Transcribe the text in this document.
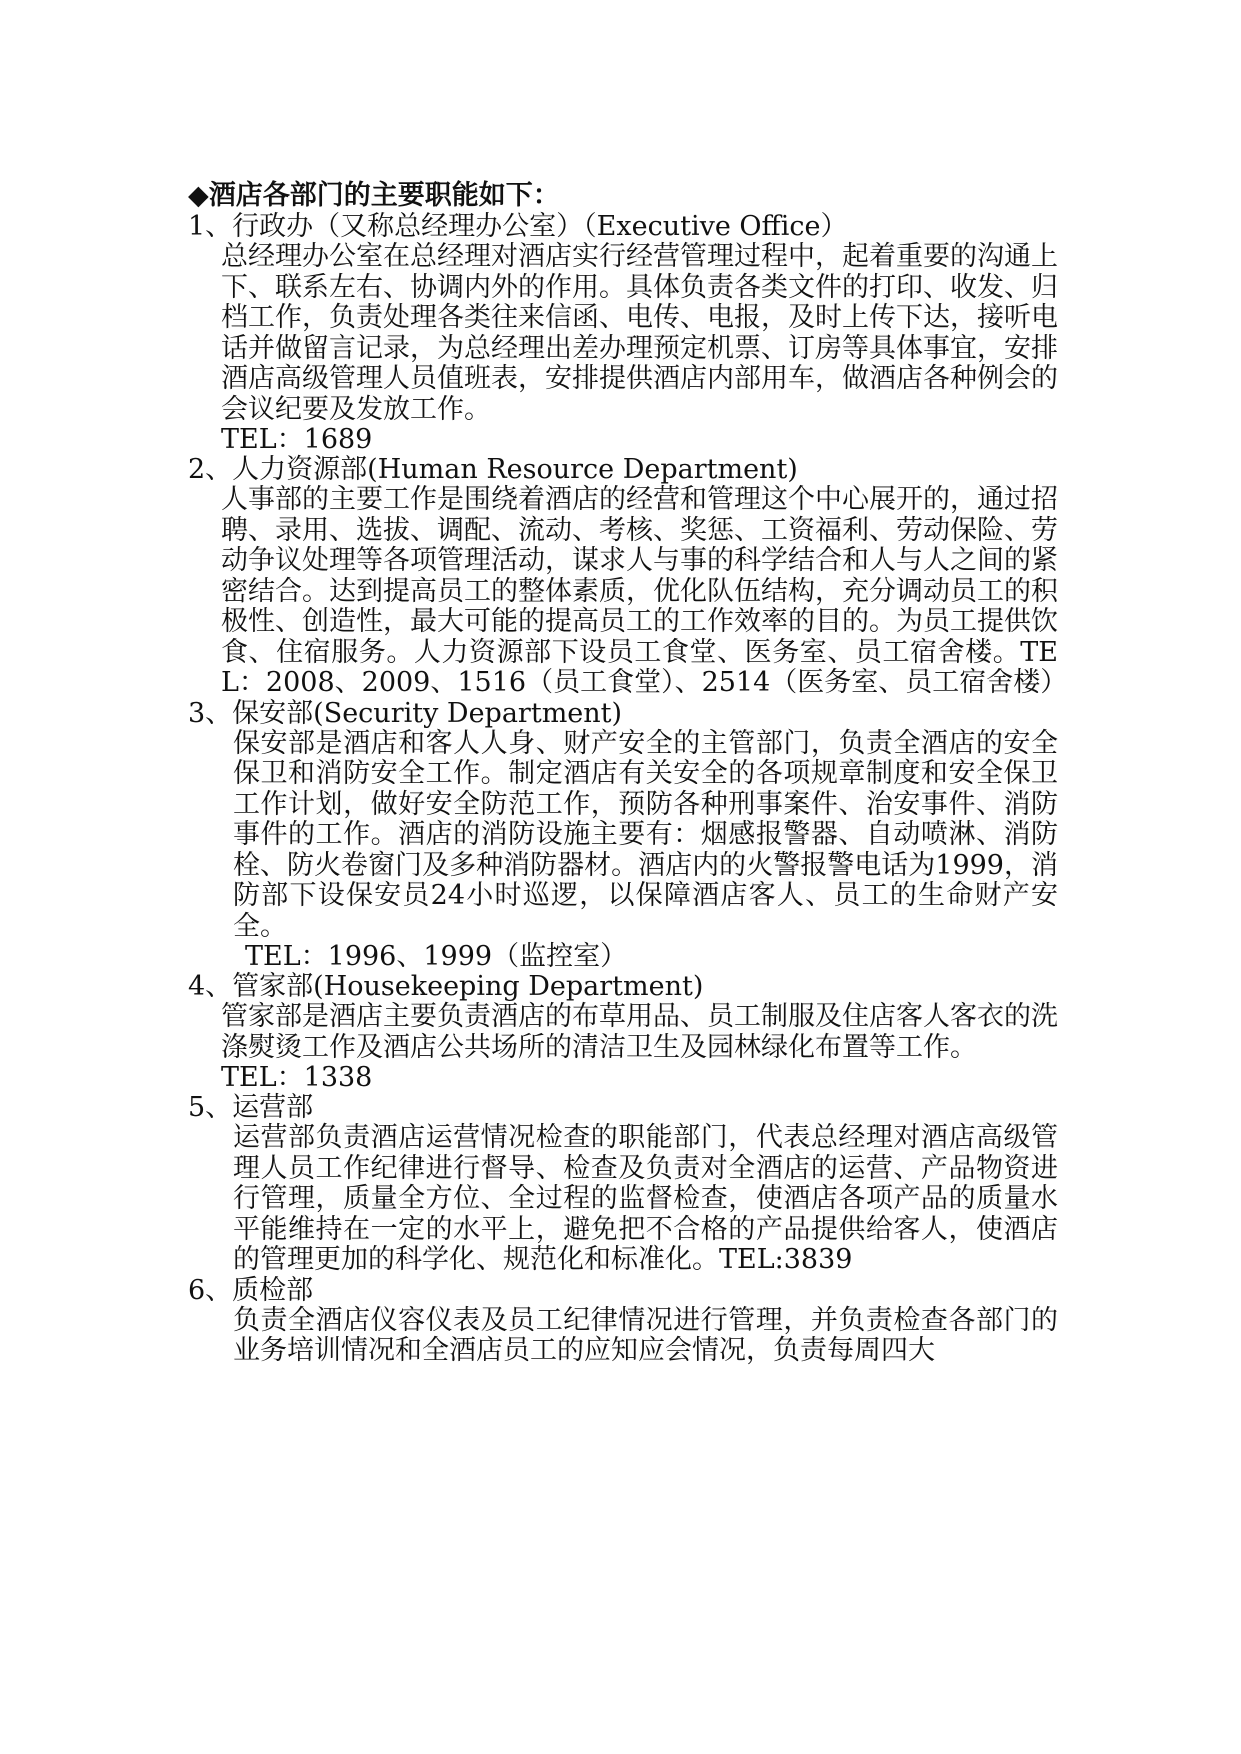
◆酒店各部门的主要职能如下：

1、行政办（又称总经理办公室）（Executive Office）

总经理办公室在总经理对酒店实行经营管理过程中，起着重要的沟通上下、联系左右、协调内外的作用。具体负责各类文件的打印、收发、归档工作，负责处理各类往来信函、电传、电报，及时上传下达，接听电话并做留言记录，为总经理出差办理预定机票、订房等具体事宜，安排酒店高级管理人员值班表，安排提供酒店内部用车，做酒店各种例会的会议纪要及发放工作。

TEL：1689

2、人力资源部(Human Resource Department)

人事部的主要工作是围绕着酒店的经营和管理这个中心展开的，通过招聘、录用、选拔、调配、流动、考核、奖惩、工资福利、劳动保险、劳动争议处理等各项管理活动，谋求人与事的科学结合和人与人之间的紧密结合。达到提高员工的整体素质，优化队伍结构，充分调动员工的积极性、创造性，最大可能的提高员工的工作效率的目的。为员工提供饮食、住宿服务。人力资源部下设员工食堂、医务室、员工宿舍楼。TEL：2008、2009、1516（员工食堂）、2514（医务室、员工宿舍楼）

3、保安部(Security Department)

保安部是酒店和客人人身、财产安全的主管部门，负责全酒店的安全保卫和消防安全工作。制定酒店有关安全的各项规章制度和安全保卫工作计划，做好安全防范工作，预防各种刑事案件、治安事件、消防事件的工作。酒店的消防设施主要有：烟感报警器、自动喷淋、消防栓、防火卷窗门及多种消防器材。酒店内的火警报警电话为1999，消防部下设保安员24小时巡逻，以保障酒店客人、员工的生命财产安全。

TEL：1996、1999（监控室）

4、管家部(Housekeeping Department)

管家部是酒店主要负责酒店的布草用品、员工制服及住店客人客衣的洗涤熨烫工作及酒店公共场所的清洁卫生及园林绿化布置等工作。

TEL：1338

5、运营部

运营部负责酒店运营情况检查的职能部门，代表总经理对酒店高级管理人员工作纪律进行督导、检查及负责对全酒店的运营、产品物资进行管理，质量全方位、全过程的监督检查，使酒店各项产品的质量水平能维持在一定的水平上，避免把不合格的产品提供给客人，使酒店的管理更加的科学化、规范化和标准化。TEL:3839

6、质检部

负责全酒店仪容仪表及员工纪律情况进行管理，并负责检查各部门的业务培训情况和全酒店员工的应知应会情况，负责每周四大
